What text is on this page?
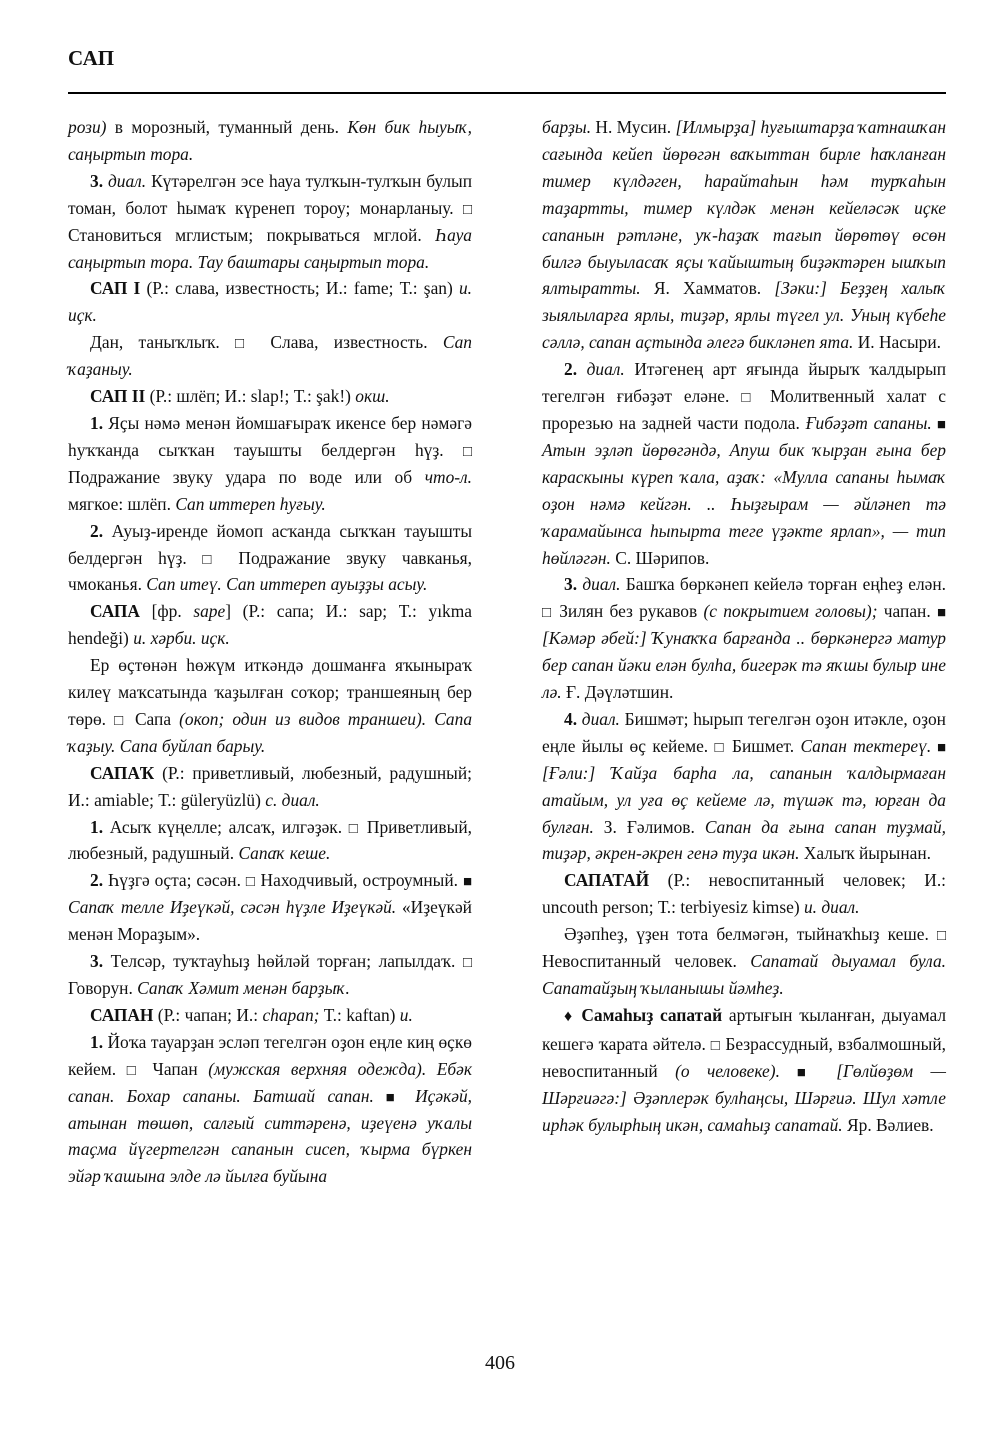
САП

рози) в морозный, туманный день. Көн бик һыуыҡ, саңыртып тора.

3. диал. Күтәрелгән эсе һауа тулҡын-тулҡын булып томан, болот һымаҡ күренеп тороу; монарланыу. □ Становиться мглистым; покрываться мглой. Һауа саңыртып тора. Тау баштары саңыртып тора.

САП I (Р.: слава, известность; И.: fame; Т.: şan) и. иҫк.

Дан, таныҡлыҡ. □ Слава, известность. Сап ҡаҙаныу.

САП II (Р.: шлёп; И.: slap!; Т.: şak!) окш.

1. Яҫы нәмә менән йомшағыраҡ икенсе бер нәмәгә һуҡҡанда сыҡҡан тауышты белдергән һүҙ. □ Подражание звуку удара по воде или об что-л. мягкое: шлёп. Сап иттереп һуғыу.

2. Ауыҙ-иренде йомоп асҡанда сыҡҡан тауышты белдергән һүҙ. □ Подражание звуку чавканья, чмоканья. Сап итеү. Сап иттереп ауыҙҙы асыу.

САПА [фр. sape] (Р.: сапа; И.: sap; Т.: yıkma hendeği) и. хәрби. иҫк.

Ер өҫтөнән һөжүм иткәндә дошманға яҡыныраҡ килеү маҡсатында ҡаҙылған соҡор; траншеяның бер төрө. □ Сапа (окоп; один из видов траншеи). Сапа ҡаҙыу. Сапа буйлап барыу.

САПАҠ (Р.: приветливый, любезный, радушный; И.: amiable; Т.: güleryüzlü) с. диал.

1. Асыҡ күңелле; алсаҡ, илгәҙәк. □ Приветливый, любезный, радушный. Сапаҡ кеше.

2. Һүҙгә оҫта; сәсән. □ Находчивый, остроумный. ■ Сапаҡ телле Иҙеүкәй, сәсән һүҙле Иҙеүкәй. «Иҙеүкәй менән Мораҙым».

3. Телсәр, туҡтауһыҙ һөйләй торған; лапылдаҡ. □ Говорун. Сапаҡ Хәмит менән барҙыҡ.

САПАН (Р.: чапан; И.: chapan; Т.: kaftan) и.

1. Йоҡа тауарҙан эсләп тегелгән оҙон еңле киң өҫкө кейем. □ Чапан (мужская верхняя одежда). Ебәк сапан. Бохар сапаны. Батшай сапан. ■ Иҫәкәй, атынан төшөп, салғый ситтәренә, иҙеүенә уҡалы таҫма йүгертелгән сапанын сисеп, ҡырма бүркен эйәр ҡашына элде лә йылға буйына

барҙы. Н. Мусин. [Илмырҙа] һуғыштарҙа ҡатнашҡан сағында кейеп йөрөгән ваҡыттан бирле һаҡланған тимер күлдәген, һарайтаһын һәм турҡаһын таҙартты, тимер күлдәк менән кейеләсәк иҫке сапанын рәтләне, уҡ-һаҙаҡ тағып йөрөтөү өсөн билгә быуыласаҡ яҫы ҡайыштың биҙәктәрен ышҡып ялтыратты. Я. Хамматов. [Зәки:] Беҙҙең халыҡ зыялыларға ярлы, тиҙәр, ярлы түгел ул. Уның күбеһе сәллә, сапан аҫтында әлегә бикләнеп ята. И. Насыри.

2. диал. Итәгенең арт яғында йырыҡ ҡалдырып тегелгән ғибәҙәт еләне. □ Молитвенный халат с прорезью на задней части подола. Ғибәҙәт сапаны. ■ Атын эҙләп йөрөгәндә, Апуш бик ҡырҙан ғына бер караскыны күреп ҡала, аҙаҡ: «Мулла сапаны һымаҡ оҙон нәмә кейгән. .. Һыҙғырам — әйләнеп тә ҡарамайынса һыпырта теге үҙәкте ярлап», — тип һөйләгән. С. Шәрипов.

3. диал. Башҡа бөркәнеп кейелә торған еңһеҙ елән. □ Зилян без рукавов (с покрытием головы); чапан. ■ [Кәмәр әбей:] Ҡунаҡҡа барғанда .. бөркәнергә матур бер сапан йәки елән булһа, бигерәк тә яҡшы булыр ине лә. Ғ. Дәүләтшин.

4. диал. Бишмәт; һырып тегелгән оҙон итәкле, оҙон еңле йылы өҫ кейеме. □ Бишмет. Сапан тектереү. ■ [Ғәли:] Ҡайҙа барһа ла, сапанын ҡалдырмаған атайым, ул уға өҫ кейеме лә, түшәк тә, юрған да булған. З. Ғәлимов. Сапан да ғына сапан туҙмай, тиҙәр, әкрен-әкрен генә туҙа икән. Халыҡ йырынан.

САПАТАЙ (Р.: невоспитанный человек; И.: uncouth person; Т.: terbiyesiz kimse) и. диал.

Әҙәпһеҙ, үҙен тота белмәгән, тыйнаҡһыҙ кеше. □ Невоспитанный человек. Сапатай дыуамал була. Сапатайҙың ҡыланышы йәмһеҙ.

♦ Самаһыҙ сапатай артығын ҡыланған, дыуамал кешегә ҡарата әйтелә. □ Безрассудный, взбалмошный, невоспитанный (о человеке). ■ [Гөлйөҙөм — Шәрғиәгә:] Әҙәплерәк булһаңсы, Шәрғиә. Шул хәтле ирһәк булырһың икән, самаһыҙ сапатай. Яр. Вәлиев.

406
